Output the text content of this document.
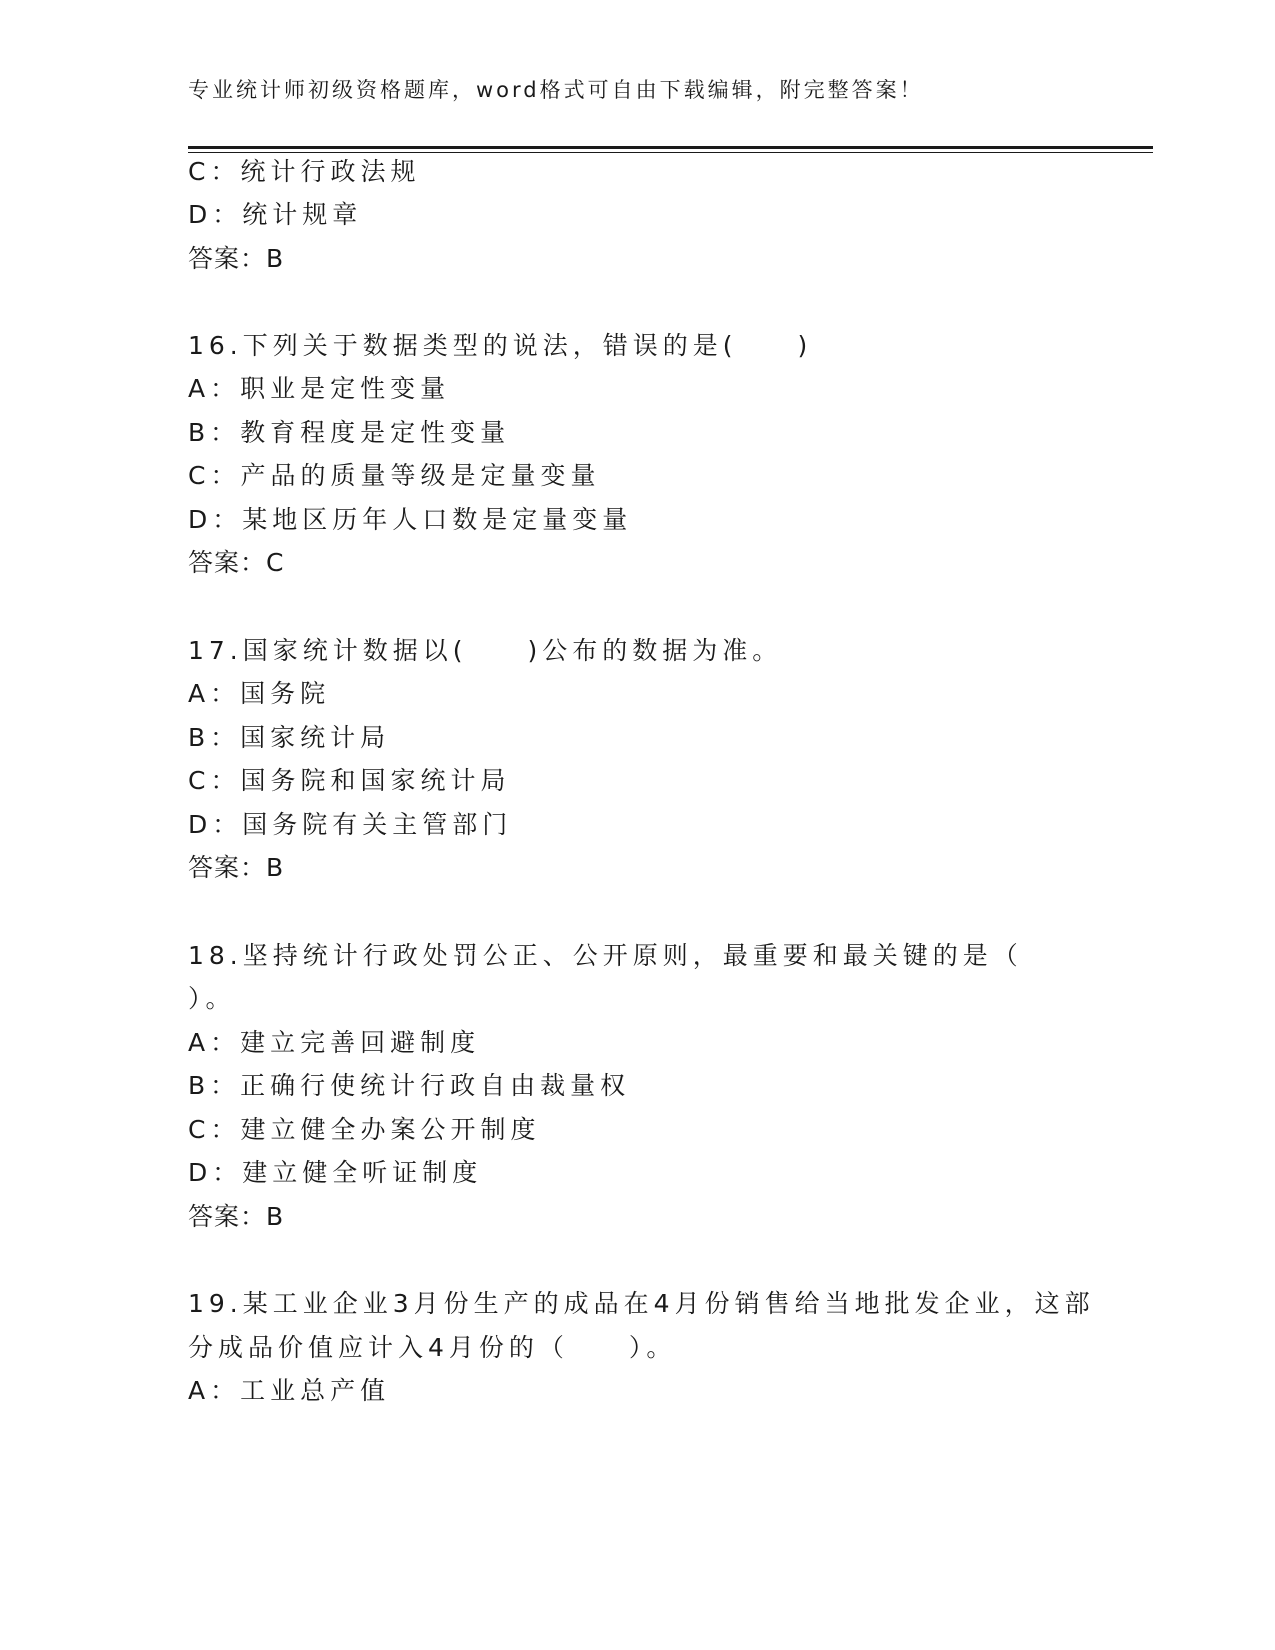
专业统计师初级资格题库，word格式可自由下载编辑，附完整答案！
C：统计行政法规
D：统计规章
答案：B
16.下列关于数据类型的说法，错误的是(　　)
A：职业是定性变量
B：教育程度是定性变量
C：产品的质量等级是定量变量
D：某地区历年人口数是定量变量
答案：C
17.国家统计数据以(　　)公布的数据为准。
A：国务院
B：国家统计局
C：国务院和国家统计局
D：国务院有关主管部门
答案：B
18.坚持统计行政处罚公正、公开原则，最重要和最关键的是（
）。
A：建立完善回避制度
B：正确行使统计行政自由裁量权
C：建立健全办案公开制度
D：建立健全听证制度
答案：B
19.某工业企业3月份生产的成品在4月份销售给当地批发企业，这部
分成品价值应计入4月份的（　　）。
A：工业总产值
